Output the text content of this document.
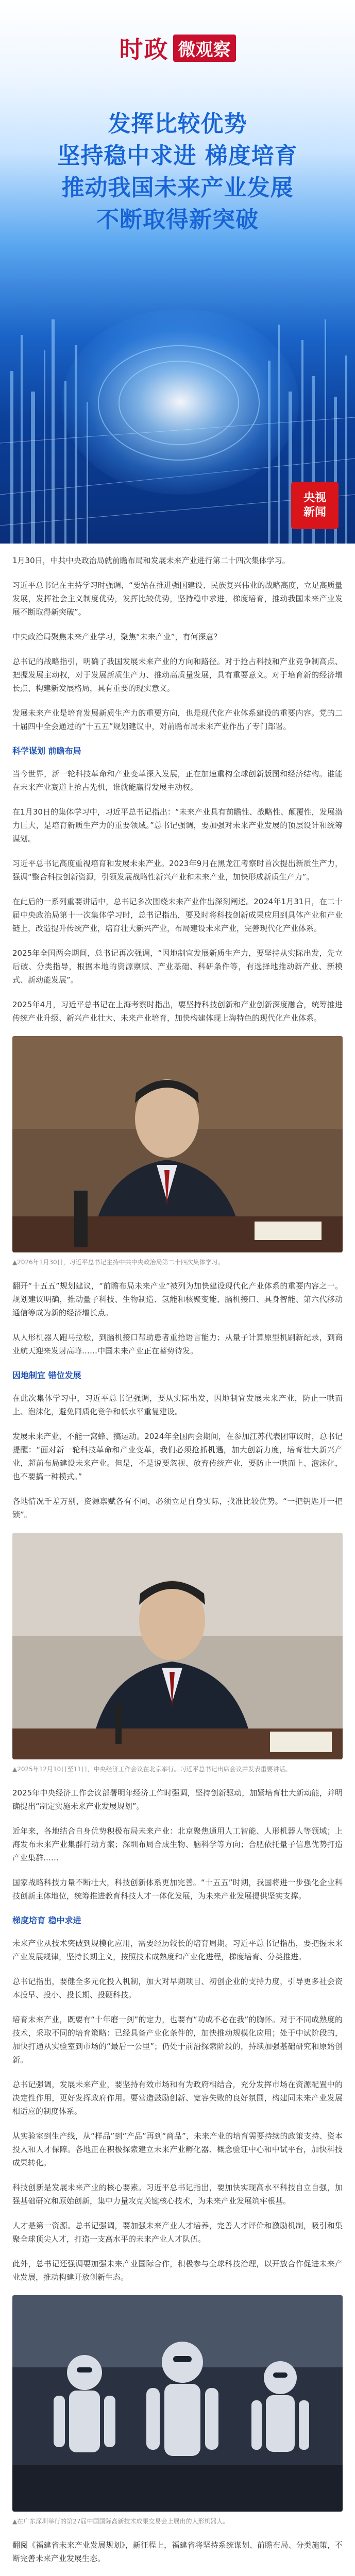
时政 微观察
发挥比较优势
坚持稳中求进 梯度培育
推动我国未来产业发展
不断取得新突破
央视
新闻

1月30日，中共中央政治局就前瞻布局和发展未来产业进行第二十四次集体学习。

习近平总书记在主持学习时强调，“要站在推进强国建设、民族复兴伟业的战略高度，立足高质量发展，发挥社会主义制度优势，发挥比较优势，坚持稳中求进，梯度培育，推动我国未来产业发展不断取得新突破”。

中央政治局聚焦未来产业学习，聚焦“未来产业”，有何深意？

总书记的战略指引，明确了我国发展未来产业的方向和路径。对于抢占科技和产业竞争制高点、把握发展主动权，对于发展新质生产力、推动高质量发展，具有重要意义。对于培育新的经济增长点、构建新发展格局，具有重要的现实意义。

发展未来产业是培育发展新质生产力的重要方向，也是现代化产业体系建设的重要内容。党的二十届四中全会通过的“十五五”规划建议中，对前瞻布局未来产业作出了专门部署。

科学谋划 前瞻布局

当今世界，新一轮科技革命和产业变革深入发展，正在加速重构全球创新版图和经济结构。谁能在未来产业赛道上抢占先机，谁就能赢得发展主动权。

在1月30日的集体学习中，习近平总书记指出：“未来产业具有前瞻性、战略性、颠覆性，发展潜力巨大，是培育新质生产力的重要领域。”总书记强调，要加强对未来产业发展的顶层设计和统筹谋划。

习近平总书记高度重视培育和发展未来产业。2023年9月在黑龙江考察时首次提出新质生产力，强调“整合科技创新资源，引领发展战略性新兴产业和未来产业，加快形成新质生产力”。

在此后的一系列重要讲话中，总书记多次围绕未来产业作出深刻阐述。2024年1月31日，在二十届中央政治局第十一次集体学习时，总书记指出，要及时将科技创新成果应用到具体产业和产业链上，改造提升传统产业，培育壮大新兴产业，布局建设未来产业，完善现代化产业体系。

2025年全国两会期间，总书记再次强调，“因地制宜发展新质生产力，要坚持从实际出发，先立后破、分类指导，根据本地的资源禀赋、产业基础、科研条件等，有选择地推动新产业、新模式、新动能发展”。

2025年4月，习近平总书记在上海考察时指出，要坚持科技创新和产业创新深度融合，统筹推进传统产业升级、新兴产业壮大、未来产业培育，加快构建体现上海特色的现代化产业体系。

▲2026年1月30日，习近平总书记主持中共中央政治局第二十四次集体学习。

翻开“十五五”规划建议，“前瞻布局未来产业”被列为加快建设现代化产业体系的重要内容之一。规划建议明确，推动量子科技、生物制造、氢能和核聚变能、脑机接口、具身智能、第六代移动通信等成为新的经济增长点。

从人形机器人跑马拉松，到脑机接口帮助患者重拾语言能力；从量子计算原型机刷新纪录，到商业航天迎来发射高峰……中国未来产业正在蓄势待发。

因地制宜 错位发展

在此次集体学习中，习近平总书记强调，要从实际出发，因地制宜发展未来产业，防止一哄而上、泡沫化，避免同质化竞争和低水平重复建设。

发展未来产业，不能一窝蜂、搞运动。2024年全国两会期间，在参加江苏代表团审议时，总书记提醒：“面对新一轮科技革命和产业变革，我们必须抢抓机遇，加大创新力度，培育壮大新兴产业，超前布局建设未来产业。但是，不是说要忽视、放弃传统产业，要防止一哄而上、泡沫化，也不要搞一种模式。”

各地情况千差万别，资源禀赋各有不同，必须立足自身实际，找准比较优势。“一把钥匙开一把锁”。

▲2025年12月10日至11日，中央经济工作会议在北京举行。习近平总书记出席会议并发表重要讲话。

2025年中央经济工作会议部署明年经济工作时强调，坚持创新驱动，加紧培育壮大新动能，并明确提出“制定实施未来产业发展规划”。

近年来，各地结合自身优势积极布局未来产业：北京聚焦通用人工智能、人形机器人等领域；上海发布未来产业集群行动方案；深圳布局合成生物、脑科学等方向；合肥依托量子信息优势打造产业集群……

国家战略科技力量不断壮大，科技创新体系更加完善。“十五五”时期，我国将进一步强化企业科技创新主体地位，统筹推进教育科技人才一体化发展，为未来产业发展提供坚实支撑。

梯度培育 稳中求进

未来产业从技术突破到规模化应用，需要经历较长的培育周期。习近平总书记指出，要把握未来产业发展规律，坚持长期主义，按照技术成熟度和产业化进程，梯度培育、分类推进。

总书记指出，要健全多元化投入机制，加大对早期项目、初创企业的支持力度，引导更多社会资本投早、投小、投长期、投硬科技。

培育未来产业，既要有“十年磨一剑”的定力，也要有“功成不必在我”的胸怀。对于不同成熟度的技术，采取不同的培育策略：已经具备产业化条件的，加快推动规模化应用；处于中试阶段的，加快打通从实验室到市场的“最后一公里”；仍处于前沿探索阶段的，持续加强基础研究和原始创新。

总书记强调，发展未来产业，要坚持有效市场和有为政府相结合，充分发挥市场在资源配置中的决定性作用，更好发挥政府作用。要营造鼓励创新、宽容失败的良好氛围，构建同未来产业发展相适应的制度体系。

从实验室到生产线，从“样品”到“产品”再到“商品”，未来产业的培育需要持续的政策支持、资本投入和人才保障。各地正在积极探索建立未来产业孵化器、概念验证中心和中试平台，加快科技成果转化。

科技创新是发展未来产业的核心要素。习近平总书记指出，要加快实现高水平科技自立自强，加强基础研究和原始创新，集中力量攻克关键核心技术，为未来产业发展筑牢根基。

人才是第一资源。总书记强调，要加强未来产业人才培养，完善人才评价和激励机制，吸引和集聚全球顶尖人才，打造一支高水平的未来产业人才队伍。

此外，总书记还强调要加强未来产业国际合作，积极参与全球科技治理，以开放合作促进未来产业发展，推动构建开放创新生态。

▲在广东深圳举行的第27届中国国际高新技术成果交易会上展出的人形机器人。

翻阅《福建省未来产业发展规划》，新征程上，福建省将坚持系统谋划、前瞻布局、分类施策，不断完善未来产业发展生态。
